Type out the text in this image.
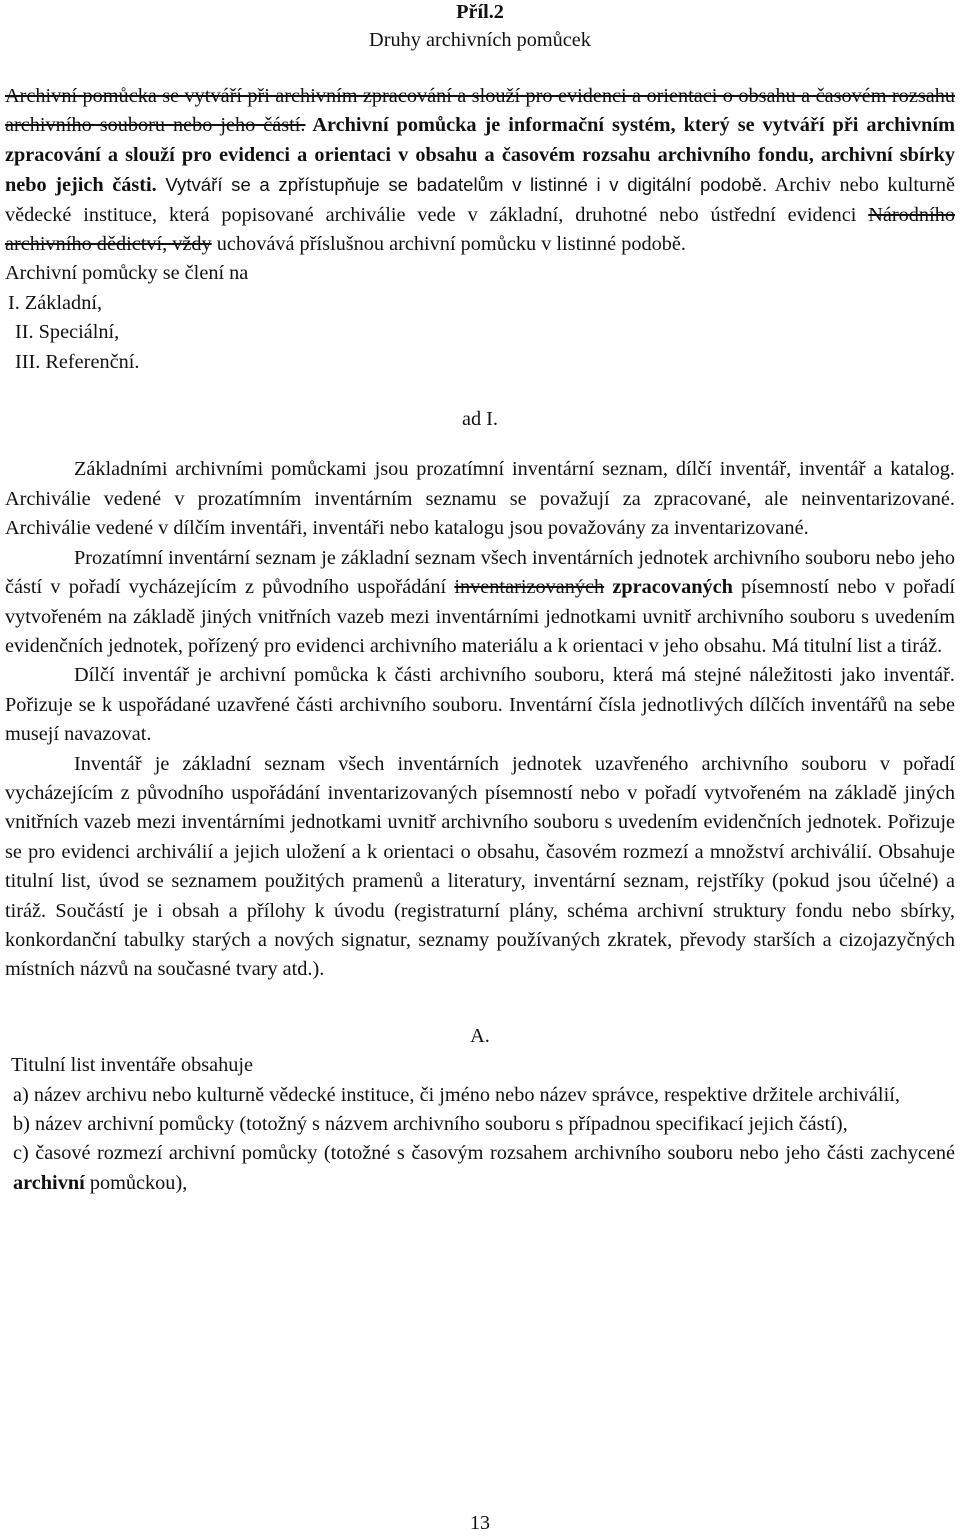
Příl.2

Druhy archivních pomůcek

Archivní pomůcka se vytváří při archivním zpracování a slouží pro evidenci a orientaci o obsahu a časovém rozsahu archivního souboru nebo jeho částí. Archivní pomůcka je informační systém, který se vytváří při archivním zpracování a slouží pro evidenci a orientaci v obsahu a časovém rozsahu archivního fondu, archivní sbírky nebo jejich části. Vytváří se a zpřístupňuje se badatelům v listinné i v digitální podobě. Archiv nebo kulturně vědecké instituce, která popisované archiválie vede v základní, druhotné nebo ústřední evidenci Národního archivního dědictví, vždy uchovává příslušnou archivní pomůcku v listinné podobě.

Archivní pomůcky se člení na

I. Základní,

II. Speciální,

III. Referenční.

ad I.

Základními archivními pomůckami jsou prozatímní inventární seznam, dílčí inventář, inventář a katalog. Archiválie vedené v prozatímním inventárním seznamu se považují za zpracované, ale neinventarizované. Archiválie vedené v dílčím inventáři, inventáři nebo katalogu jsou považovány za inventarizované.

Prozatímní inventární seznam je základní seznam všech inventárních jednotek archivního souboru nebo jeho částí v pořadí vycházejícím z původního uspořádání inventarizovaných zpracovaných písemností nebo v pořadí vytvořeném na základě jiných vnitřních vazeb mezi inventárními jednotkami uvnitř archivního souboru s uvedením evidenčních jednotek, pořízený pro evidenci archivního materiálu a k orientaci v jeho obsahu. Má titulní list a tiráž.

Dílčí inventář je archivní pomůcka k části archivního souboru, která má stejné náležitosti jako inventář. Pořizuje se k uspořádané uzavřené části archivního souboru. Inventární čísla jednotlivých dílčích inventářů na sebe musejí navazovat.

Inventář je základní seznam všech inventárních jednotek uzavřeného archivního souboru v pořadí vycházejícím z původního uspořádání inventarizovaných písemností nebo v pořadí vytvořeném na základě jiných vnitřních vazeb mezi inventárními jednotkami uvnitř archivního souboru s uvedením evidenčních jednotek. Pořizuje se pro evidenci archiválií a jejich uložení a k orientaci o obsahu, časovém rozmezí a množství archiválií. Obsahuje titulní list, úvod se seznamem použitých pramenů a literatury, inventární seznam, rejstříky (pokud jsou účelné) a tiráž. Součástí je i obsah a přílohy k úvodu (registraturní plány, schéma archivní struktury fondu nebo sbírky, konkordanční tabulky starých a nových signatur, seznamy používaných zkratek, převody starších a cizojazyčných místních názvů na současné tvary atd.).

A.

Titulní list inventáře obsahuje

a) název archivu nebo kulturně vědecké instituce, či jméno nebo název správce, respektive držitele archiválií,

b) název archivní pomůcky (totožný s názvem archivního souboru s případnou specifikací jejich částí),

c) časové rozmezí archivní pomůcky (totožné s časovým rozsahem archivního souboru nebo jeho části zachycené archivní pomůckou),

13
